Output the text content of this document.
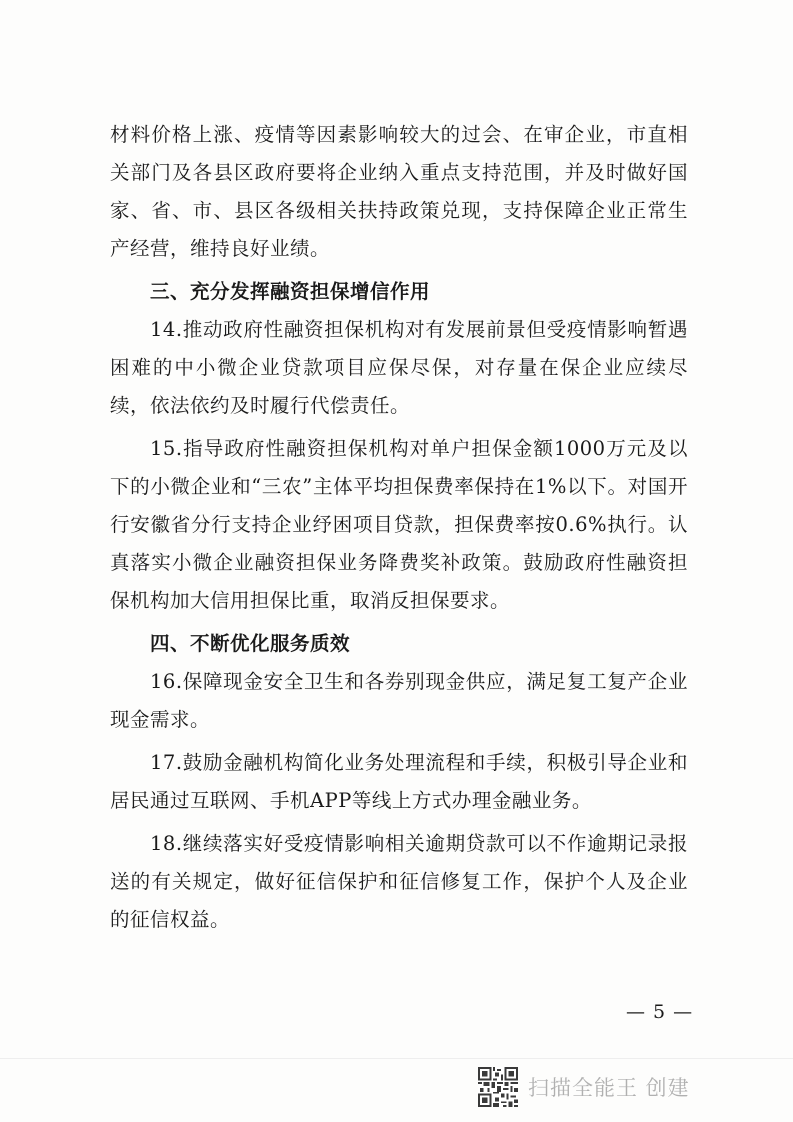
材料价格上涨、疫情等因素影响较大的过会、在审企业，市直相关部门及各县区政府要将企业纳入重点支持范围，并及时做好国家、省、市、县区各级相关扶持政策兑现，支持保障企业正常生产经营，维持良好业绩。

三、充分发挥融资担保增信作用

14.推动政府性融资担保机构对有发展前景但受疫情影响暂遇困难的中小微企业贷款项目应保尽保，对存量在保企业应续尽续，依法依约及时履行代偿责任。

15.指导政府性融资担保机构对单户担保金额1000万元及以下的小微企业和“三农”主体平均担保费率保持在1%以下。对国开行安徽省分行支持企业纾困项目贷款，担保费率按0.6%执行。认真落实小微企业融资担保业务降费奖补政策。鼓励政府性融资担保机构加大信用担保比重，取消反担保要求。

四、不断优化服务质效

16.保障现金安全卫生和各券别现金供应，满足复工复产企业现金需求。

17.鼓励金融机构简化业务处理流程和手续，积极引导企业和居民通过互联网、手机APP等线上方式办理金融业务。

18.继续落实好受疫情影响相关逾期贷款可以不作逾期记录报送的有关规定，做好征信保护和征信修复工作，保护个人及企业的征信权益。

— 5 —
扫描全能王 创建
